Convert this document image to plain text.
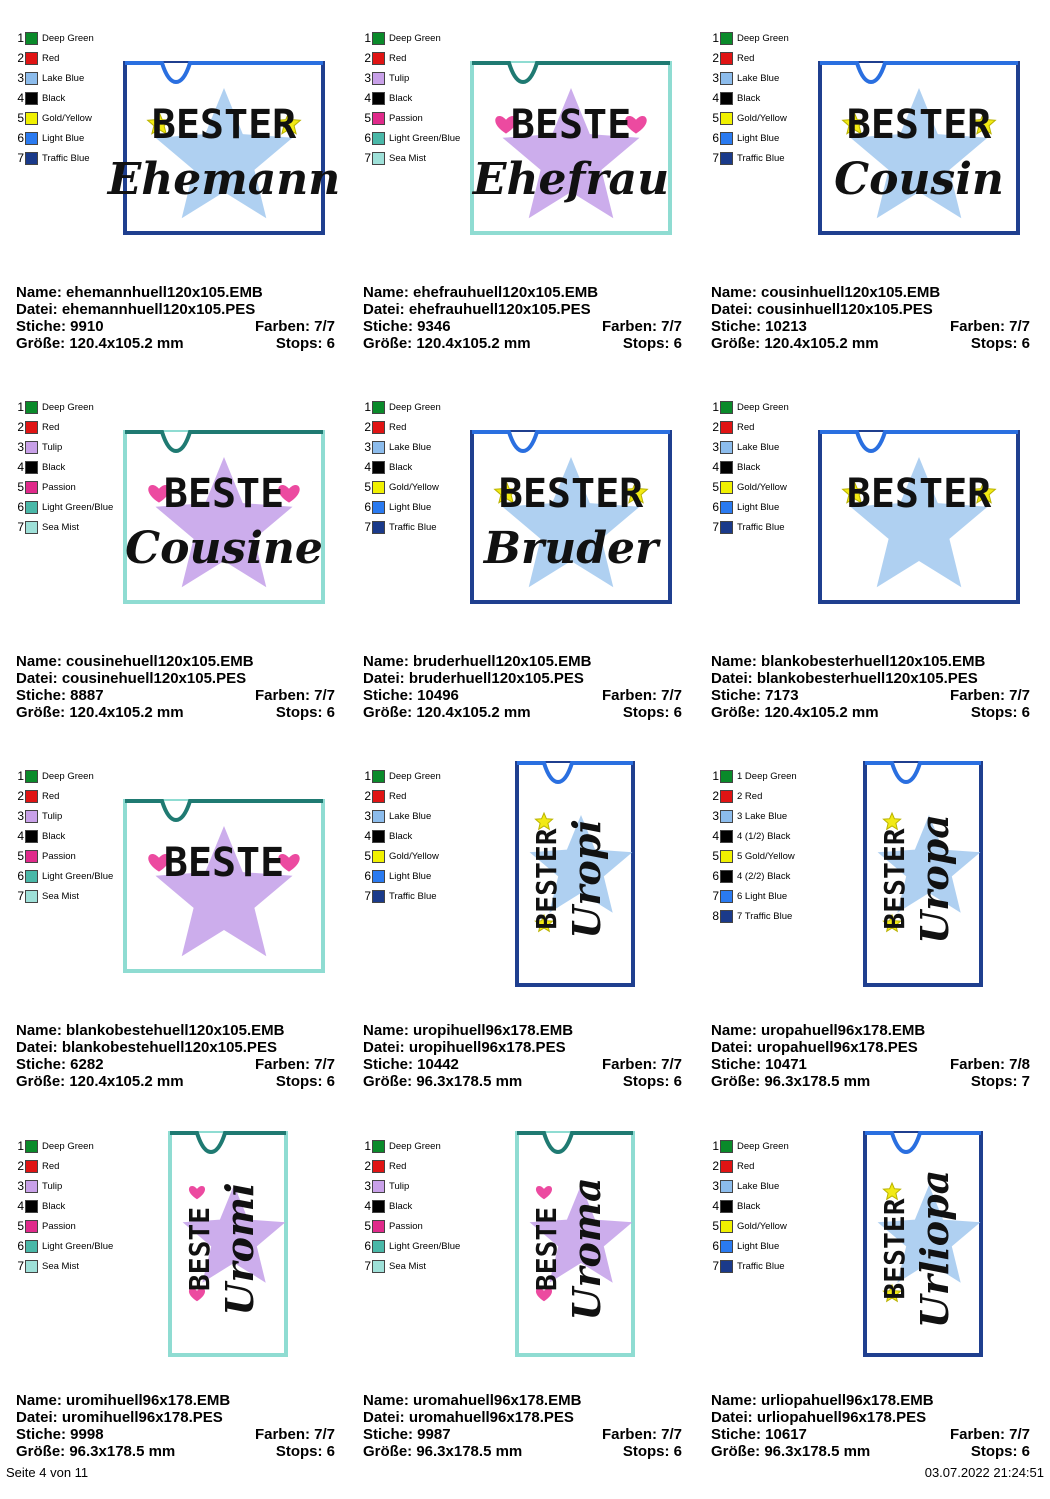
1 Deep Green
2 Red
3 Lake Blue
4 Black
5 Gold/Yellow
6 Light Blue
7 Traffic Blue
BESTER
Ehemann
Name: ehemannhuell120x105.EMB
Datei: ehemannhuell120x105.PES
Stiche: 9910	Farben: 7/7
Größe: 120.4x105.2 mm	Stops: 6
1 Deep Green
2 Red
3 Tulip
4 Black
5 Passion
6 Light Green/Blue
7 Sea Mist
BESTE
Ehefrau
Name: ehefrauhuell120x105.EMB
Datei: ehefrauhuell120x105.PES
Stiche: 9346	Farben: 7/7
Größe: 120.4x105.2 mm	Stops: 6
1 Deep Green
2 Red
3 Lake Blue
4 Black
5 Gold/Yellow
6 Light Blue
7 Traffic Blue
BESTER
Cousin
Name: cousinhuell120x105.EMB
Datei: cousinhuell120x105.PES
Stiche: 10213	Farben: 7/7
Größe: 120.4x105.2 mm	Stops: 6
1 Deep Green
2 Red
3 Tulip
4 Black
5 Passion
6 Light Green/Blue
7 Sea Mist
BESTE
Cousine
Name: cousinehuell120x105.EMB
Datei: cousinehuell120x105.PES
Stiche: 8887	Farben: 7/7
Größe: 120.4x105.2 mm	Stops: 6
1 Deep Green
2 Red
3 Lake Blue
4 Black
5 Gold/Yellow
6 Light Blue
7 Traffic Blue
BESTER
Bruder
Name: bruderhuell120x105.EMB
Datei: bruderhuell120x105.PES
Stiche: 10496	Farben: 7/7
Größe: 120.4x105.2 mm	Stops: 6
1 Deep Green
2 Red
3 Lake Blue
4 Black
5 Gold/Yellow
6 Light Blue
7 Traffic Blue
BESTER
Name: blankobesterhuell120x105.EMB
Datei: blankobesterhuell120x105.PES
Stiche: 7173	Farben: 7/7
Größe: 120.4x105.2 mm	Stops: 6
1 Deep Green
2 Red
3 Tulip
4 Black
5 Passion
6 Light Green/Blue
7 Sea Mist
BESTE
Name: blankobestehuell120x105.EMB
Datei: blankobestehuell120x105.PES
Stiche: 6282	Farben: 7/7
Größe: 120.4x105.2 mm	Stops: 6
1 Deep Green
2 Red
3 Lake Blue
4 Black
5 Gold/Yellow
6 Light Blue
7 Traffic Blue	BESTER Uropi
Name: uropihuell96x178.EMB
Datei: uropihuell96x178.PES
Stiche: 10442	Farben: 7/7
Größe: 96.3x178.5 mm	Stops: 6
1 1 Deep Green
2 2 Red
3 3 Lake Blue
4 4 (1/2) Black
5 5 Gold/Yellow
6 4 (2/2) Black
7 6 Light Blue
8 7 Traffic Blue	BESTER Uropa
Name: uropahuell96x178.EMB
Datei: uropahuell96x178.PES
Stiche: 10471	Farben: 7/8
Größe: 96.3x178.5 mm	Stops: 7
1 Deep Green
2 Red
3 Tulip
4 Black
5 Passion
6 Light Green/Blue
7 Sea Mist	BESTE Uromi
Name: uromihuell96x178.EMB
Datei: uromihuell96x178.PES
Stiche: 9998	Farben: 7/7
Größe: 96.3x178.5 mm	Stops: 6
1 Deep Green
2 Red
3 Tulip
4 Black
5 Passion
6 Light Green/Blue
7 Sea Mist	BESTE Uroma
Name: uromahuell96x178.EMB
Datei: uromahuell96x178.PES
Stiche: 9987	Farben: 7/7
Größe: 96.3x178.5 mm	Stops: 6
1 Deep Green
2 Red
3 Lake Blue
4 Black
5 Gold/Yellow
6 Light Blue
7 Traffic Blue	BESTER Urliopa
Name: urliopahuell96x178.EMB
Datei: urliopahuell96x178.PES
Stiche: 10617	Farben: 7/7
Größe: 96.3x178.5 mm	Stops: 6
Seite 4 von 11	03.07.2022 21:24:51
